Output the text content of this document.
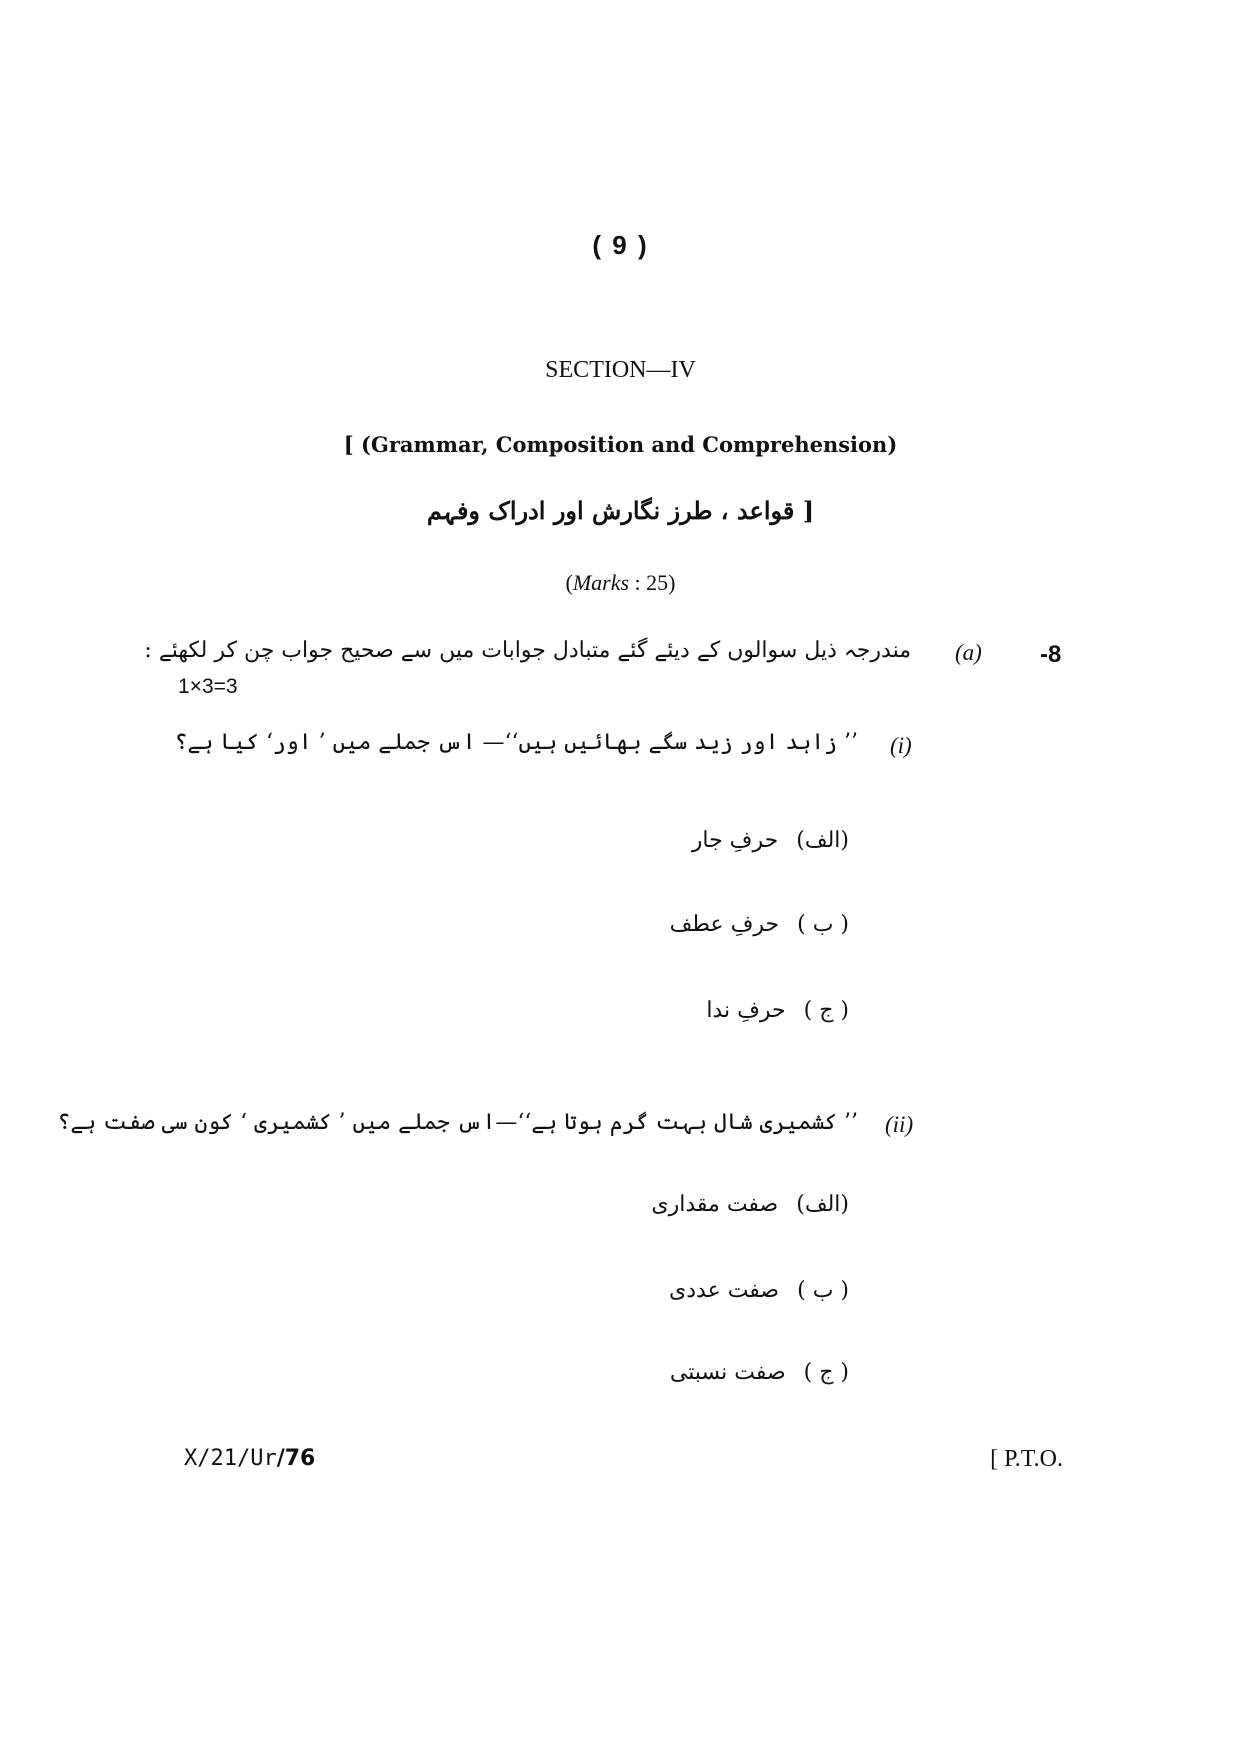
( 9 )
SECTION—IV
[ (Grammar, Composition and Comprehension)
[ قواعد ، طرز نگارش اور ادراک وفہم
(Marks : 25)
-8
(a)
مندرجہ ذیل سوالوں کے دیئے گئے متبادل جوابات میں سے صحیح جواب چن کر لکھئے :
1×3=3
(i)
’’ زاہد اور زید سگے بھائیں ہیں‘‘— اس جملے میں ’ اور‘ کیا ہے؟
(الف)حرفِ جار
( ب )حرفِ عطف
( ج )حرفِ ندا
(ii)
’’ کشمیری شال بہت گرم ہوتا ہے‘‘—اس جملے میں ’ کشمیری ‘ کون سی صفت ہے؟
(الف)صفت مقداری
( ب )صفت عددی
( ج )صفت نسبتی
X/21/Ur/76	[ P.T.O.
